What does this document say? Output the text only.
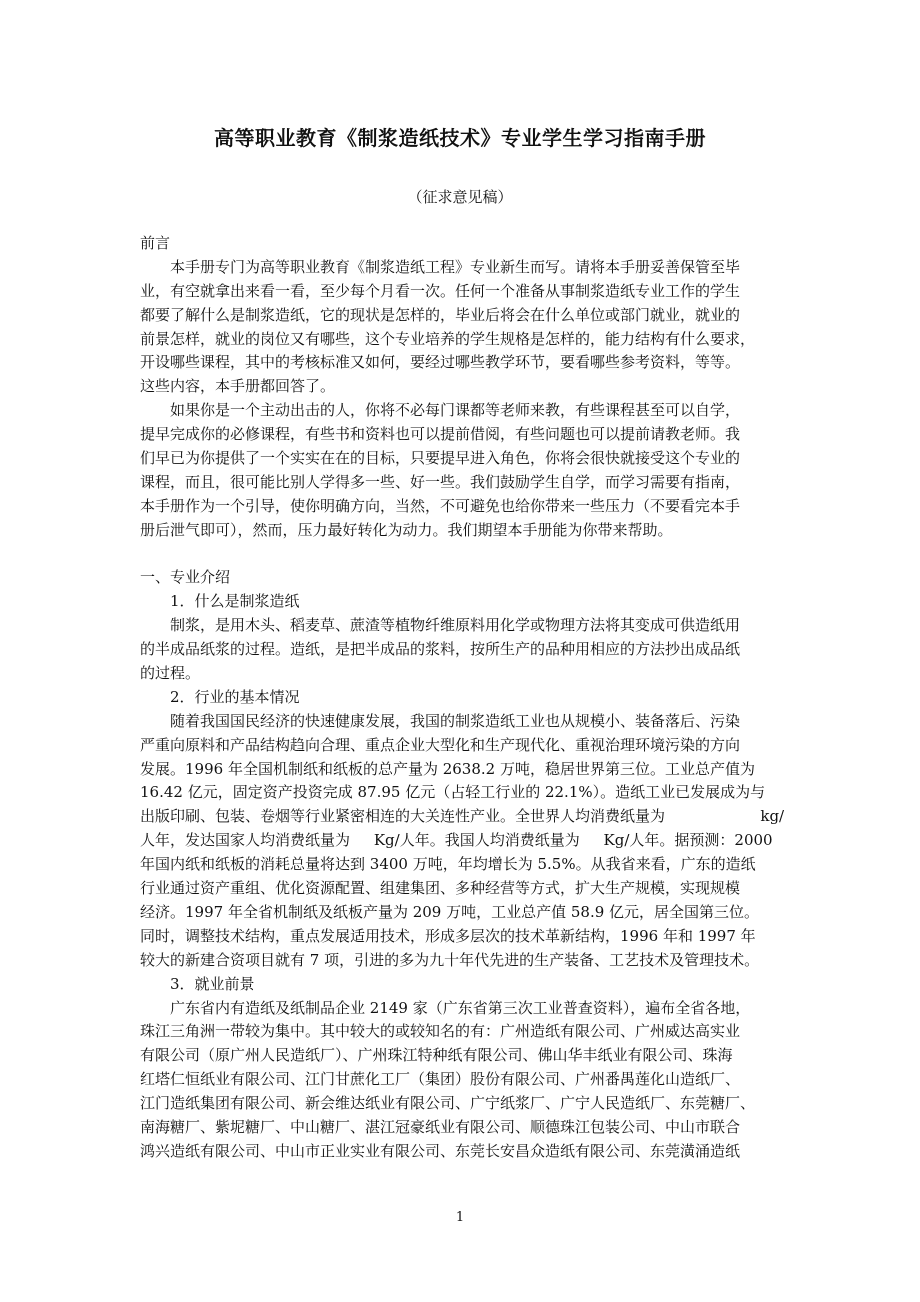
高等职业教育《制浆造纸技术》专业学生学习指南手册
（征求意见稿）
前言
本手册专门为高等职业教育《制浆造纸工程》专业新生而写。请将本手册妥善保管至毕
业，有空就拿出来看一看，至少每个月看一次。任何一个准备从事制浆造纸专业工作的学生
都要了解什么是制浆造纸，它的现状是怎样的，毕业后将会在什么单位或部门就业，就业的
前景怎样，就业的岗位又有哪些，这个专业培养的学生规格是怎样的，能力结构有什么要求，
开设哪些课程，其中的考核标准又如何，要经过哪些教学环节，要看哪些参考资料，等等。
这些内容，本手册都回答了。
如果你是一个主动出击的人，你将不必每门课都等老师来教，有些课程甚至可以自学，
提早完成你的必修课程，有些书和资料也可以提前借阅，有些问题也可以提前请教老师。我
们早已为你提供了一个实实在在的目标，只要提早进入角色，你将会很快就接受这个专业的
课程，而且，很可能比别人学得多一些、好一些。我们鼓励学生自学，而学习需要有指南，
本手册作为一个引导，使你明确方向，当然，不可避免也给你带来一些压力（不要看完本手
册后泄气即可），然而，压力最好转化为动力。我们期望本手册能为你带来帮助。
一、专业介绍
1．什么是制浆造纸
制浆，是用木头、稻麦草、蔗渣等植物纤维原料用化学或物理方法将其变成可供造纸用
的半成品纸浆的过程。造纸，是把半成品的浆料，按所生产的品种用相应的方法抄出成品纸
的过程。
2．行业的基本情况
随着我国国民经济的快速健康发展，我国的制浆造纸工业也从规模小、装备落后、污染
严重向原料和产品结构趋向合理、重点企业大型化和生产现代化、重视治理环境污染的方向
发展。1996 年全国机制纸和纸板的总产量为 2638.2 万吨，稳居世界第三位。工业总产值为
16.42 亿元，固定资产投资完成 87.95 亿元（占轻工行业的 22.1%）。造纸工业已发展成为与
出版印刷、包装、卷烟等行业紧密相连的大关连性产业。全世界人均消费纸量为                    kg/
人年，发达国家人均消费纸量为     Kg/人年。我国人均消费纸量为     Kg/人年。据预测：2000
年国内纸和纸板的消耗总量将达到 3400 万吨，年均增长为 5.5%。从我省来看，广东的造纸
行业通过资产重组、优化资源配置、组建集团、多种经营等方式，扩大生产规模，实现规模
经济。1997 年全省机制纸及纸板产量为 209 万吨，工业总产值 58.9 亿元，居全国第三位。
同时，调整技术结构，重点发展适用技术，形成多层次的技术革新结构，1996 年和 1997 年
较大的新建合资项目就有 7 项，引进的多为九十年代先进的生产装备、工艺技术及管理技术。
3．就业前景
广东省内有造纸及纸制品企业 2149 家（广东省第三次工业普查资料），遍布全省各地，
珠江三角洲一带较为集中。其中较大的或较知名的有：广州造纸有限公司、广州威达高实业
有限公司（原广州人民造纸厂）、广州珠江特种纸有限公司、佛山华丰纸业有限公司、珠海
红塔仁恒纸业有限公司、江门甘蔗化工厂（集团）股份有限公司、广州番禺莲化山造纸厂、
江门造纸集团有限公司、新会维达纸业有限公司、广宁纸浆厂、广宁人民造纸厂、东莞糖厂、
南海糖厂、紫坭糖厂、中山糖厂、湛江冠豪纸业有限公司、顺德珠江包装公司、中山市联合
鸿兴造纸有限公司、中山市正业实业有限公司、东莞长安昌众造纸有限公司、东莞潢涌造纸
1
